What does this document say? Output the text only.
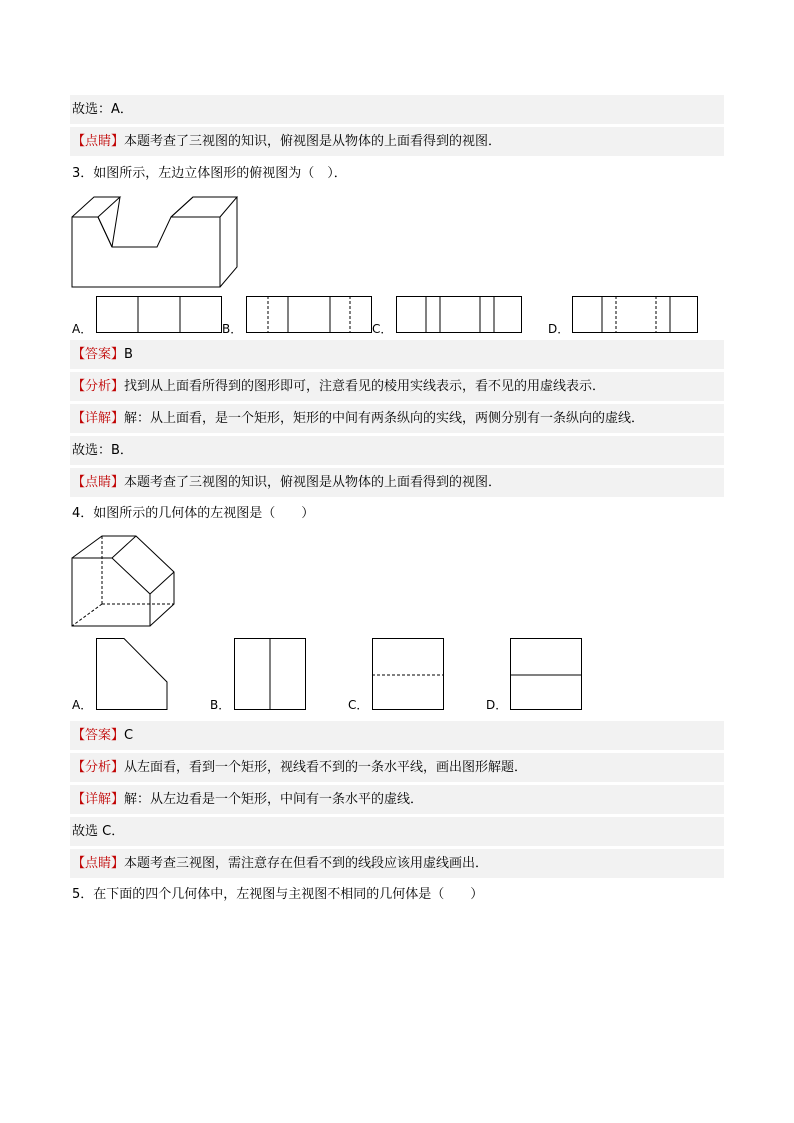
故选：A．
【点睛】本题考查了三视图的知识，俯视图是从物体的上面看得到的视图．
3．如图所示，左边立体图形的俯视图为（　）．
A．	B．	C．	D．
【答案】B
【分析】找到从上面看所得到的图形即可，注意看见的棱用实线表示，看不见的用虚线表示．
【详解】解：从上面看，是一个矩形，矩形的中间有两条纵向的实线，两侧分别有一条纵向的虚线．
故选：B．
【点睛】本题考查了三视图的知识，俯视图是从物体的上面看得到的视图．
4．如图所示的几何体的左视图是（　　）
A．	B．	C．	D．
【答案】C
【分析】从左面看，看到一个矩形，视线看不到的一条水平线，画出图形解题．
【详解】解：从左边看是一个矩形，中间有一条水平的虚线．
故选 C．
【点睛】本题考查三视图，需注意存在但看不到的线段应该用虚线画出．
5．在下面的四个几何体中，左视图与主视图不相同的几何体是（　　）
